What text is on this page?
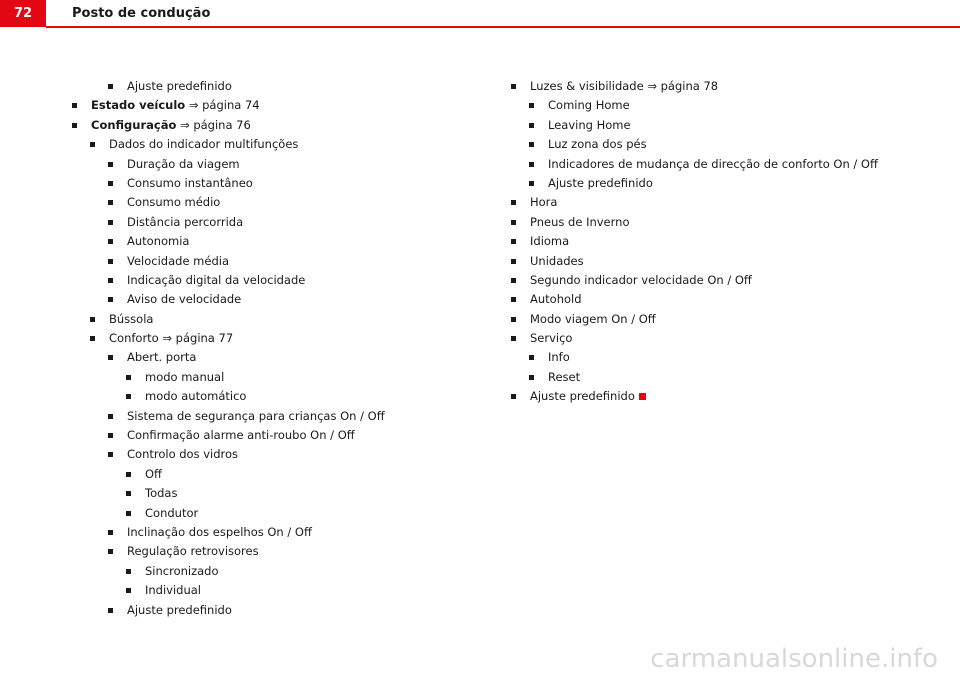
72	Posto de condução
Ajuste predefinido
Estado veículo ⇒ página 74
Configuração ⇒ página 76
Dados do indicador multifunções
Duração da viagem
Consumo instantâneo
Consumo médio
Distância percorrida
Autonomia
Velocidade média
Indicação digital da velocidade
Aviso de velocidade
Bússola
Conforto ⇒ página 77
Abert. porta
modo manual
modo automático
Sistema de segurança para crianças On / Off
Confirmação alarme anti-roubo On / Off
Controlo dos vidros
Off
Todas
Condutor
Inclinação dos espelhos On / Off
Regulação retrovisores
Sincronizado
Individual
Ajuste predefinido
Luzes & visibilidade ⇒ página 78
Coming Home
Leaving Home
Luz zona dos pés
Indicadores de mudança de direcção de conforto On / Off
Ajuste predefinido
Hora
Pneus de Inverno
Idioma
Unidades
Segundo indicador velocidade On / Off
Autohold
Modo viagem On / Off
Serviço
Info
Reset
Ajuste predefinido
carmanualsonline.info
